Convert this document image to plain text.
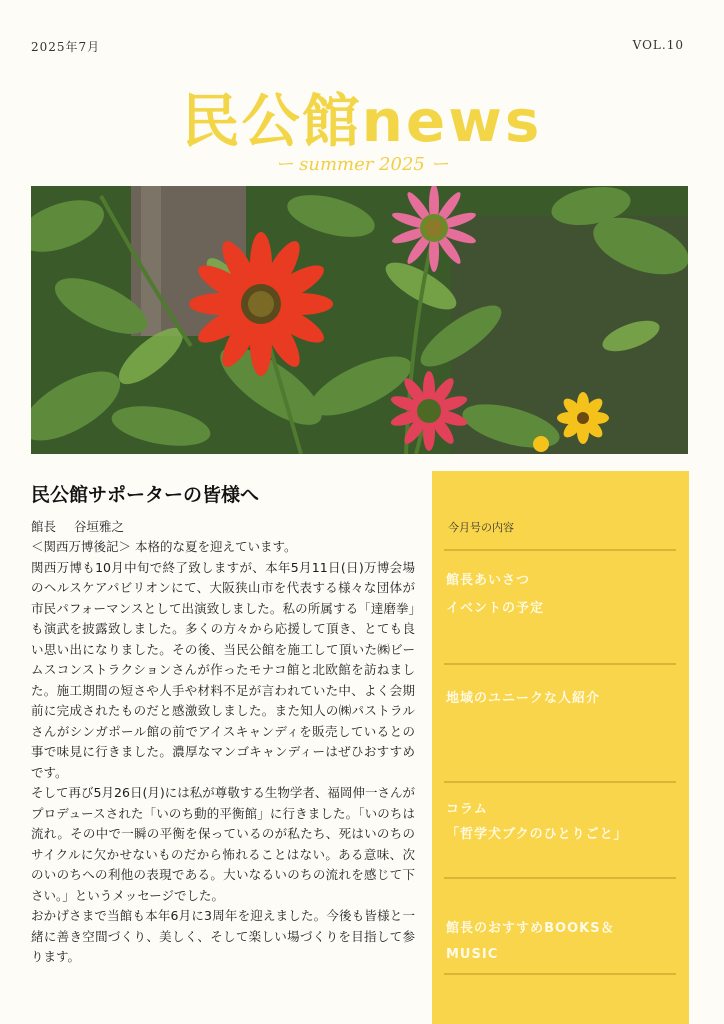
2025年7月	VOL.10
民公館news
ー summer 2025 ー
民公館サポーターの皆様へ
館長 谷垣雅之

＜関西万博後記＞ 本格的な夏を迎えています。

関西万博も10月中旬で終了致しますが、本年5月11日(日)万博会場のヘルスケアパビリオンにて、大阪狭山市を代表する様々な団体が市民パフォーマンスとして出演致しました。私の所属する「達磨拳」も演武を披露致しました。多くの方々から応援して頂き、とても良い思い出になりました。その後、当民公館を施工して頂いた㈱ビームスコンストラクションさんが作ったモナコ館と北欧館を訪ねました。施工期間の短さや人手や材料不足が言われていた中、よく会期前に完成されたものだと感激致しました。また知人の㈱パストラルさんがシンガポール館の前でアイスキャンディを販売しているとの事で味見に行きました。濃厚なマンゴキャンディーはぜひおすすめです。

そして再び5月26日(月)には私が尊敬する生物学者、福岡伸一さんがプロデュースされた「いのち動的平衡館」に行きました。「いのちは流れ。その中で一瞬の平衡を保っているのが私たち、死はいのちのサイクルに欠かせないものだから怖れることはない。ある意味、次のいのちへの利他の表現である。大いなるいのちの流れを感じて下さい。」というメッセージでした。

おかげさまで当館も本年6月に3周年を迎えました。今後も皆様と一緒に善き空間づくり、美しく、そして楽しい場づくりを目指して参ります。

今月号の内容
館長あいさつ
イベントの予定
地域のユニークな人紹介
コラム
「哲学犬ブクのひとりごと」
館長のおすすめBOOKS＆
MUSIC
